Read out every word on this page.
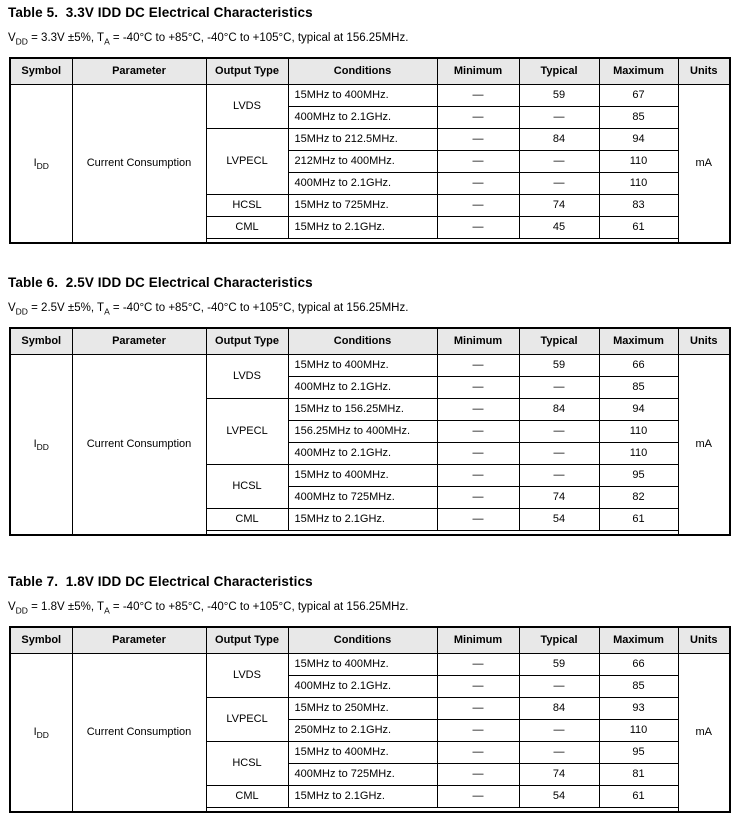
Table 5.  3.3V IDD DC Electrical Characteristics

$V_{DD} = 3.3V \pm 5\%$, $T_A = -40^\circ C$ to +85°C, -40°C to +105°C, typical at 156.25MHz.

Symbol	Parameter	Output Type	Conditions	Minimum	Typical	Maximum	Units
$I_{DD}$	Current Consumption	LVDS	15MHz to 400MHz.	—	59	67	mA
			400MHz to 2.1GHz.	—	—	85	
		LVPECL	15MHz to 212.5MHz.	—	84	94	
			212MHz to 400MHz.	—	—	110	
			400MHz to 2.1GHz.	—	—	110	
		HCSL	15MHz to 725MHz.	—	74	83	
		CML	15MHz to 2.1GHz.	—	45	61	

Table 6.  2.5V IDD DC Electrical Characteristics

$V_{DD} = 2.5V \pm 5\%$, $T_A = -40^\circ C$ to +85°C, -40°C to +105°C, typical at 156.25MHz.

Symbol	Parameter	Output Type	Conditions	Minimum	Typical	Maximum	Units
$I_{DD}$	Current Consumption	LVDS	15MHz to 400MHz.	—	59	66	mA
			400MHz to 2.1GHz.	—	—	85	
		LVPECL	15MHz to 156.25MHz.	—	84	94	
			156.25MHz to 400MHz.	—	—	110	
			400MHz to 2.1GHz.	—	—	110	
		HCSL	15MHz to 400MHz.	—	—	95	
			400MHz to 725MHz.	—	74	82	
		CML	15MHz to 2.1GHz.	—	54	61	

Table 7.  1.8V IDD DC Electrical Characteristics

$V_{DD} = 1.8V \pm 5\%$, $T_A = -40^\circ C$ to +85°C, -40°C to +105°C, typical at 156.25MHz.

Symbol	Parameter	Output Type	Conditions	Minimum	Typical	Maximum	Units
$I_{DD}$	Current Consumption	LVDS	15MHz to 400MHz.	—	59	66	mA
			400MHz to 2.1GHz.	—	—	85	
		LVPECL	15MHz to 250MHz.	—	84	93	
			250MHz to 2.1GHz.	—	—	110	
		HCSL	15MHz to 400MHz.	—	—	95	
			400MHz to 725MHz.	—	74	81	
		CML	15MHz to 2.1GHz.	—	54	61	
